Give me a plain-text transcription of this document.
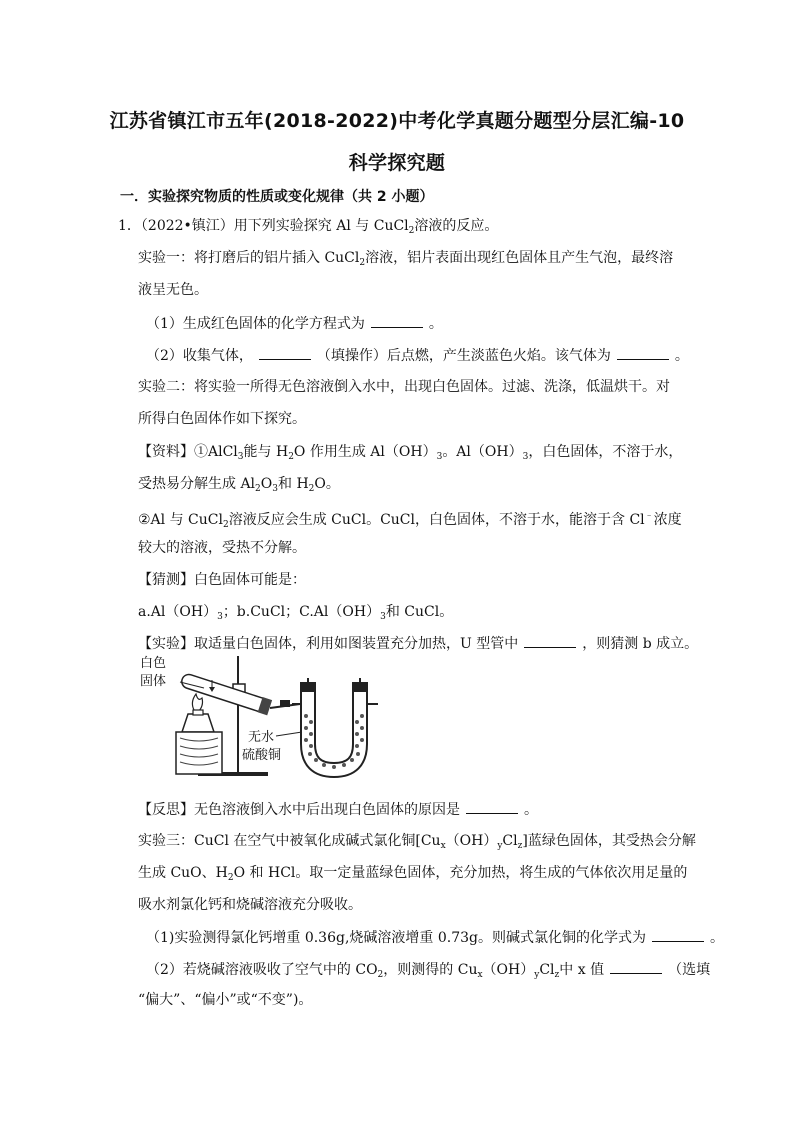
江苏省镇江市五年(2018-2022)中考化学真题分题型分层汇编-10
科学探究题
一．实验探究物质的性质或变化规律（共 2 小题）
1．（2022•镇江）用下列实验探究 Al 与 CuCl$_2$溶液的反应。
实验一：将打磨后的铝片插入 CuCl$_2$溶液，铝片表面出现红色固体且产生气泡，最终溶
液呈无色。
（1）生成红色固体的化学方程式为	。
（2）收集气体，	（填操作）后点燃，产生淡蓝色火焰。该气体为	。
实验二：将实验一所得无色溶液倒入水中，出现白色固体。过滤、洗涤，低温烘干。对
所得白色固体作如下探究。
【资料】①AlCl$_3$能与 $H_2O$ 作用生成 $Al(OH)_3$。$Al(OH)_3$，白色固体，不溶于水，
受热易分解生成 $Al_2O_3$和 $H_2O$。
②Al 与 CuCl$_2$溶液反应会生成 CuCl。CuCl，白色固体，不溶于水，能溶于含 Cl﹣浓度
较大的溶液，受热不分解。
【猜测】白色固体可能是：
$a.Al(OH)_3$；b.CuCl；$C.Al(OH)_3$和 CuCl。
【实验】取适量白色固体，利用如图装置充分加热，U 型管中	，则猜测 b 成立。
白色
固体
无水
硫酸铜
【反思】无色溶液倒入水中后出现白色固体的原因是	。
实验三：CuCl 在空气中被氧化成碱式氯化铜$[Cu_x(OH)_yCl_z]$蓝绿色固体，其受热会分解
生成 CuO、$H_2O$ 和 HCl。取一定量蓝绿色固体，充分加热，将生成的气体依次用足量的
吸水剂氯化钙和烧碱溶液充分吸收。
（1)实验测得氯化钙增重 0.36g,烧碱溶液增重 0.73g。则碱式氯化铜的化学式为	。
（2）若烧碱溶液吸收了空气中的 $CO_2$，则测得的 $Cu_x(OH)_yCl_z$中 x 值	（选填
“偏大”、“偏小”或“不变”)。
